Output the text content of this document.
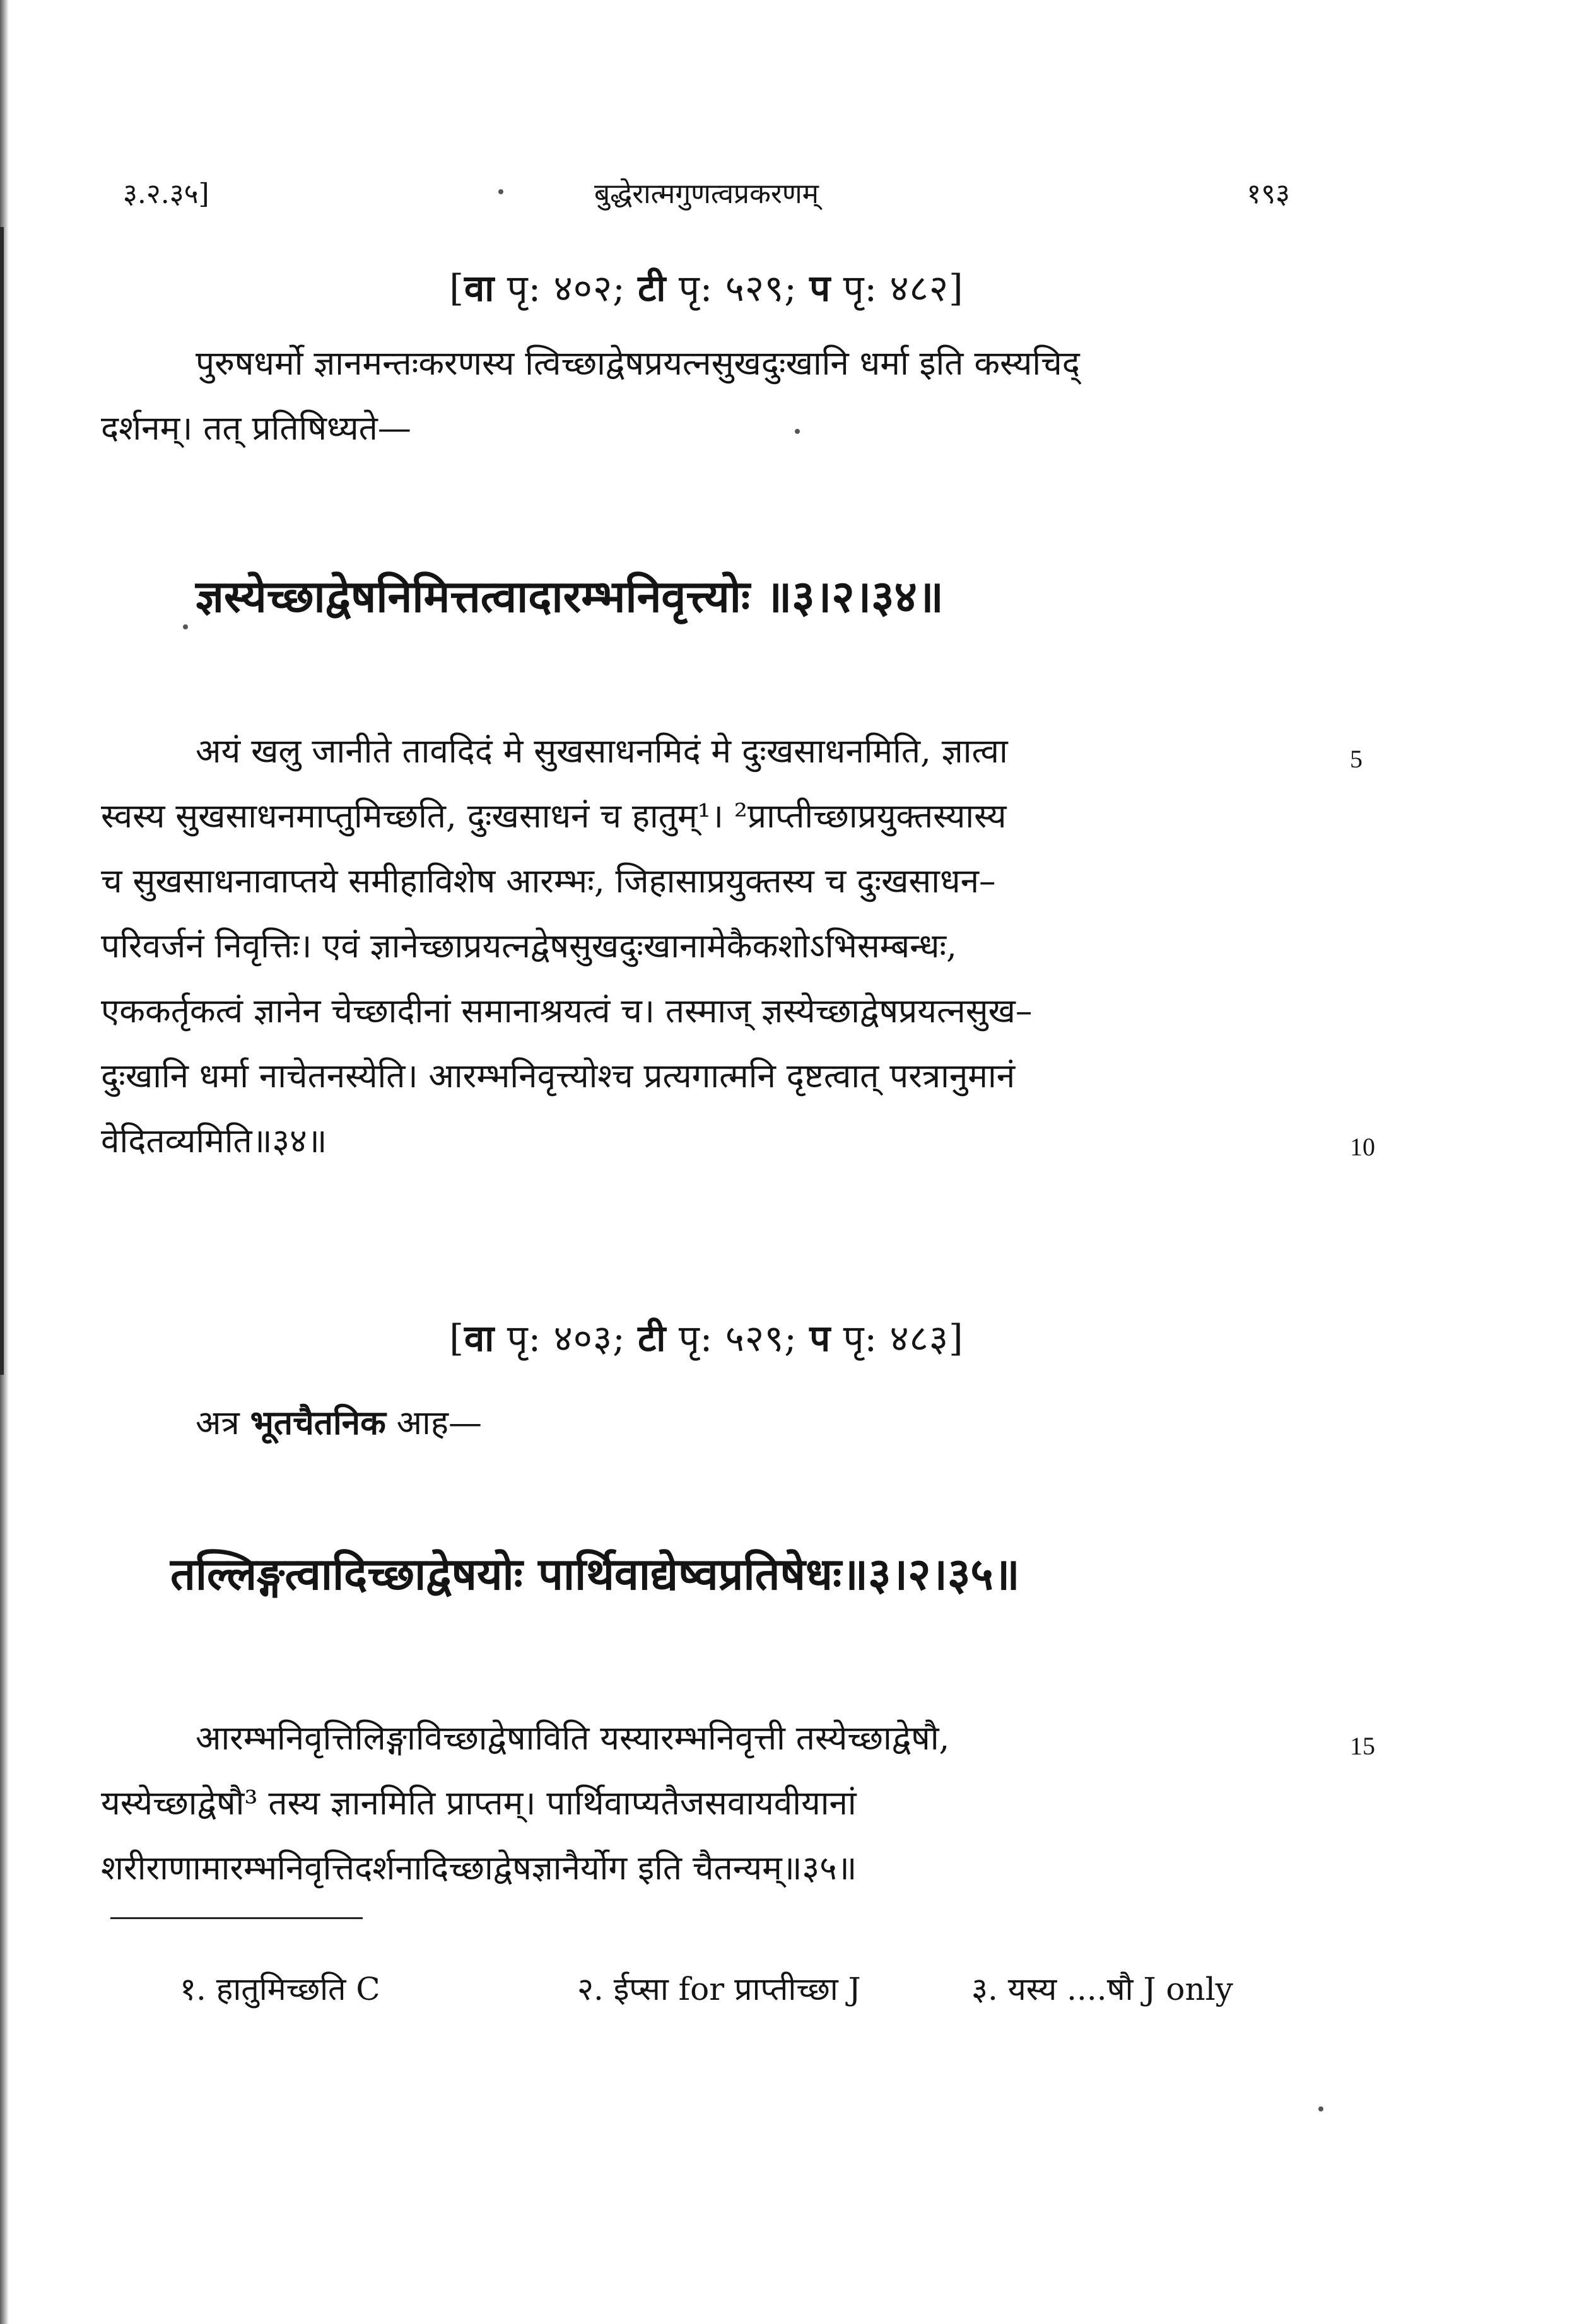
३.२.३५]	बुद्धेरात्मगुणत्वप्रकरणम्	१९३
[वा पृ: ४०२; टी पृ: ५२९; प पृ: ४८२]
पुरुषधर्मो ज्ञानमन्तःकरणस्य त्विच्छाद्वेषप्रयत्नसुखदुःखानि धर्मा इति कस्यचिद्
दर्शनम्। तत् प्रतिषिध्यते—
ज्ञस्येच्छाद्वेषनिमित्तत्वादारम्भनिवृत्त्योः ॥३।२।३४॥
अयं खलु जानीते तावदिदं मे सुखसाधनमिदं मे दुःखसाधनमिति, ज्ञात्वा
स्वस्य सुखसाधनमाप्तुमिच्छति, दुःखसाधनं च हातुम्¹। ²प्राप्तीच्छाप्रयुक्तस्यास्य
च सुखसाधनावाप्तये समीहाविशेष आरम्भः, जिहासाप्रयुक्तस्य च दुःखसाधन–
परिवर्जनं निवृत्तिः। एवं ज्ञानेच्छाप्रयत्नद्वेषसुखदुःखानामेकैकशोऽभिसम्बन्धः,
एककर्तृकत्वं ज्ञानेन चेच्छादीनां समानाश्रयत्वं च। तस्माज् ज्ञस्येच्छाद्वेषप्रयत्नसुख–
दुःखानि धर्मा नाचेतनस्येति। आरम्भनिवृत्त्योश्च प्रत्यगात्मनि दृष्टत्वात् परत्रानुमानं
वेदितव्यमिति॥३४॥
5
10
[वा पृ: ४०३; टी पृ: ५२९; प पृ: ४८३]
अत्र भूतचैतनिक आह—
तल्लिङ्गत्वादिच्छाद्वेषयोः पार्थिवाद्येष्वप्रतिषेधः॥३।२।३५॥
आरम्भनिवृत्तिलिङ्गाविच्छाद्वेषाविति यस्यारम्भनिवृत्ती तस्येच्छाद्वेषौ,
यस्येच्छाद्वेषौ³ तस्य ज्ञानमिति प्राप्तम्। पार्थिवाप्यतैजसवायवीयानां
शरीराणामारम्भनिवृत्तिदर्शनादिच्छाद्वेषज्ञानैर्योग इति चैतन्यम्॥३५॥
15
१. हातुमिच्छति C	२. ईप्सा for प्राप्तीच्छा J	३. यस्य ....षौ J only
